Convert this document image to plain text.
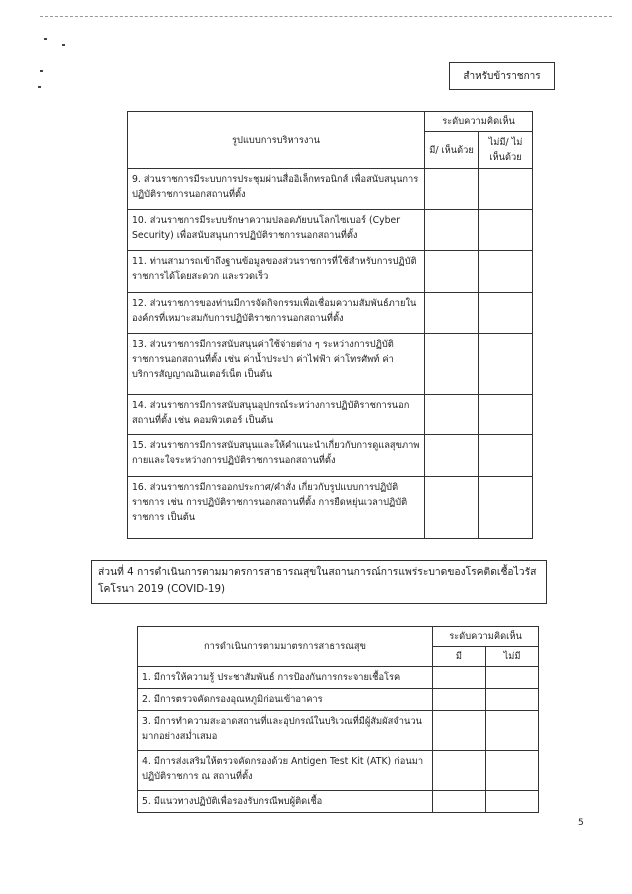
สำหรับข้าราชการ
รูปแบบการบริหารงาน	ระดับความคิดเห็น	
	มี/ เห็นด้วย	ไม่มี/ ไม่เห็นด้วย
9. ส่วนราชการมีระบบการประชุมผ่านสื่ออิเล็กทรอนิกส์ เพื่อสนับสนุนการปฏิบัติราชการนอกสถานที่ตั้ง		
10. ส่วนราชการมีระบบรักษาความปลอดภัยบนโลกไซเบอร์ (Cyber Security) เพื่อสนับสนุนการปฏิบัติราชการนอกสถานที่ตั้ง		
11. ท่านสามารถเข้าถึงฐานข้อมูลของส่วนราชการที่ใช้สำหรับการปฏิบัติราชการได้โดยสะดวก และรวดเร็ว		
12. ส่วนราชการของท่านมีการจัดกิจกรรมเพื่อเชื่อมความสัมพันธ์ภายในองค์กรที่เหมาะสมกับการปฏิบัติราชการนอกสถานที่ตั้ง		
13. ส่วนราชการมีการสนับสนุนค่าใช้จ่ายต่าง ๆ ระหว่างการปฏิบัติราชการนอกสถานที่ตั้ง เช่น ค่าน้ำประปา ค่าไฟฟ้า ค่าโทรศัพท์ ค่าบริการสัญญาณอินเตอร์เน็ต เป็นต้น		
14. ส่วนราชการมีการสนับสนุนอุปกรณ์ระหว่างการปฏิบัติราชการนอกสถานที่ตั้ง เช่น คอมพิวเตอร์ เป็นต้น		
15. ส่วนราชการมีการสนับสนุนและให้คำแนะนำเกี่ยวกับการดูแลสุขภาพกายและใจระหว่างการปฏิบัติราชการนอกสถานที่ตั้ง		
16. ส่วนราชการมีการออกประกาศ/คำสั่ง เกี่ยวกับรูปแบบการปฏิบัติราชการ เช่น การปฏิบัติราชการนอกสถานที่ตั้ง การยืดหยุ่นเวลาปฏิบัติราชการ เป็นต้น		
ส่วนที่ 4 การดำเนินการตามมาตรการสาธารณสุขในสถานการณ์การแพร่ระบาดของโรคติดเชื้อไวรัสโคโรนา 2019 (COVID-19)
การดำเนินการตามมาตรการสาธารณสุข	ระดับความคิดเห็น	
	มี	ไม่มี
1. มีการให้ความรู้ ประชาสัมพันธ์ การป้องกันการกระจายเชื้อโรค		
2. มีการตรวจคัดกรองอุณหภูมิก่อนเข้าอาคาร		
3. มีการทำความสะอาดสถานที่และอุปกรณ์ในบริเวณที่มีผู้สัมผัสจำนวนมากอย่างสม่ำเสมอ		
4. มีการส่งเสริมให้ตรวจคัดกรองด้วย Antigen Test Kit (ATK) ก่อนมาปฏิบัติราชการ ณ สถานที่ตั้ง		
5. มีแนวทางปฏิบัติเพื่อรองรับกรณีพบผู้ติดเชื้อ		
5
